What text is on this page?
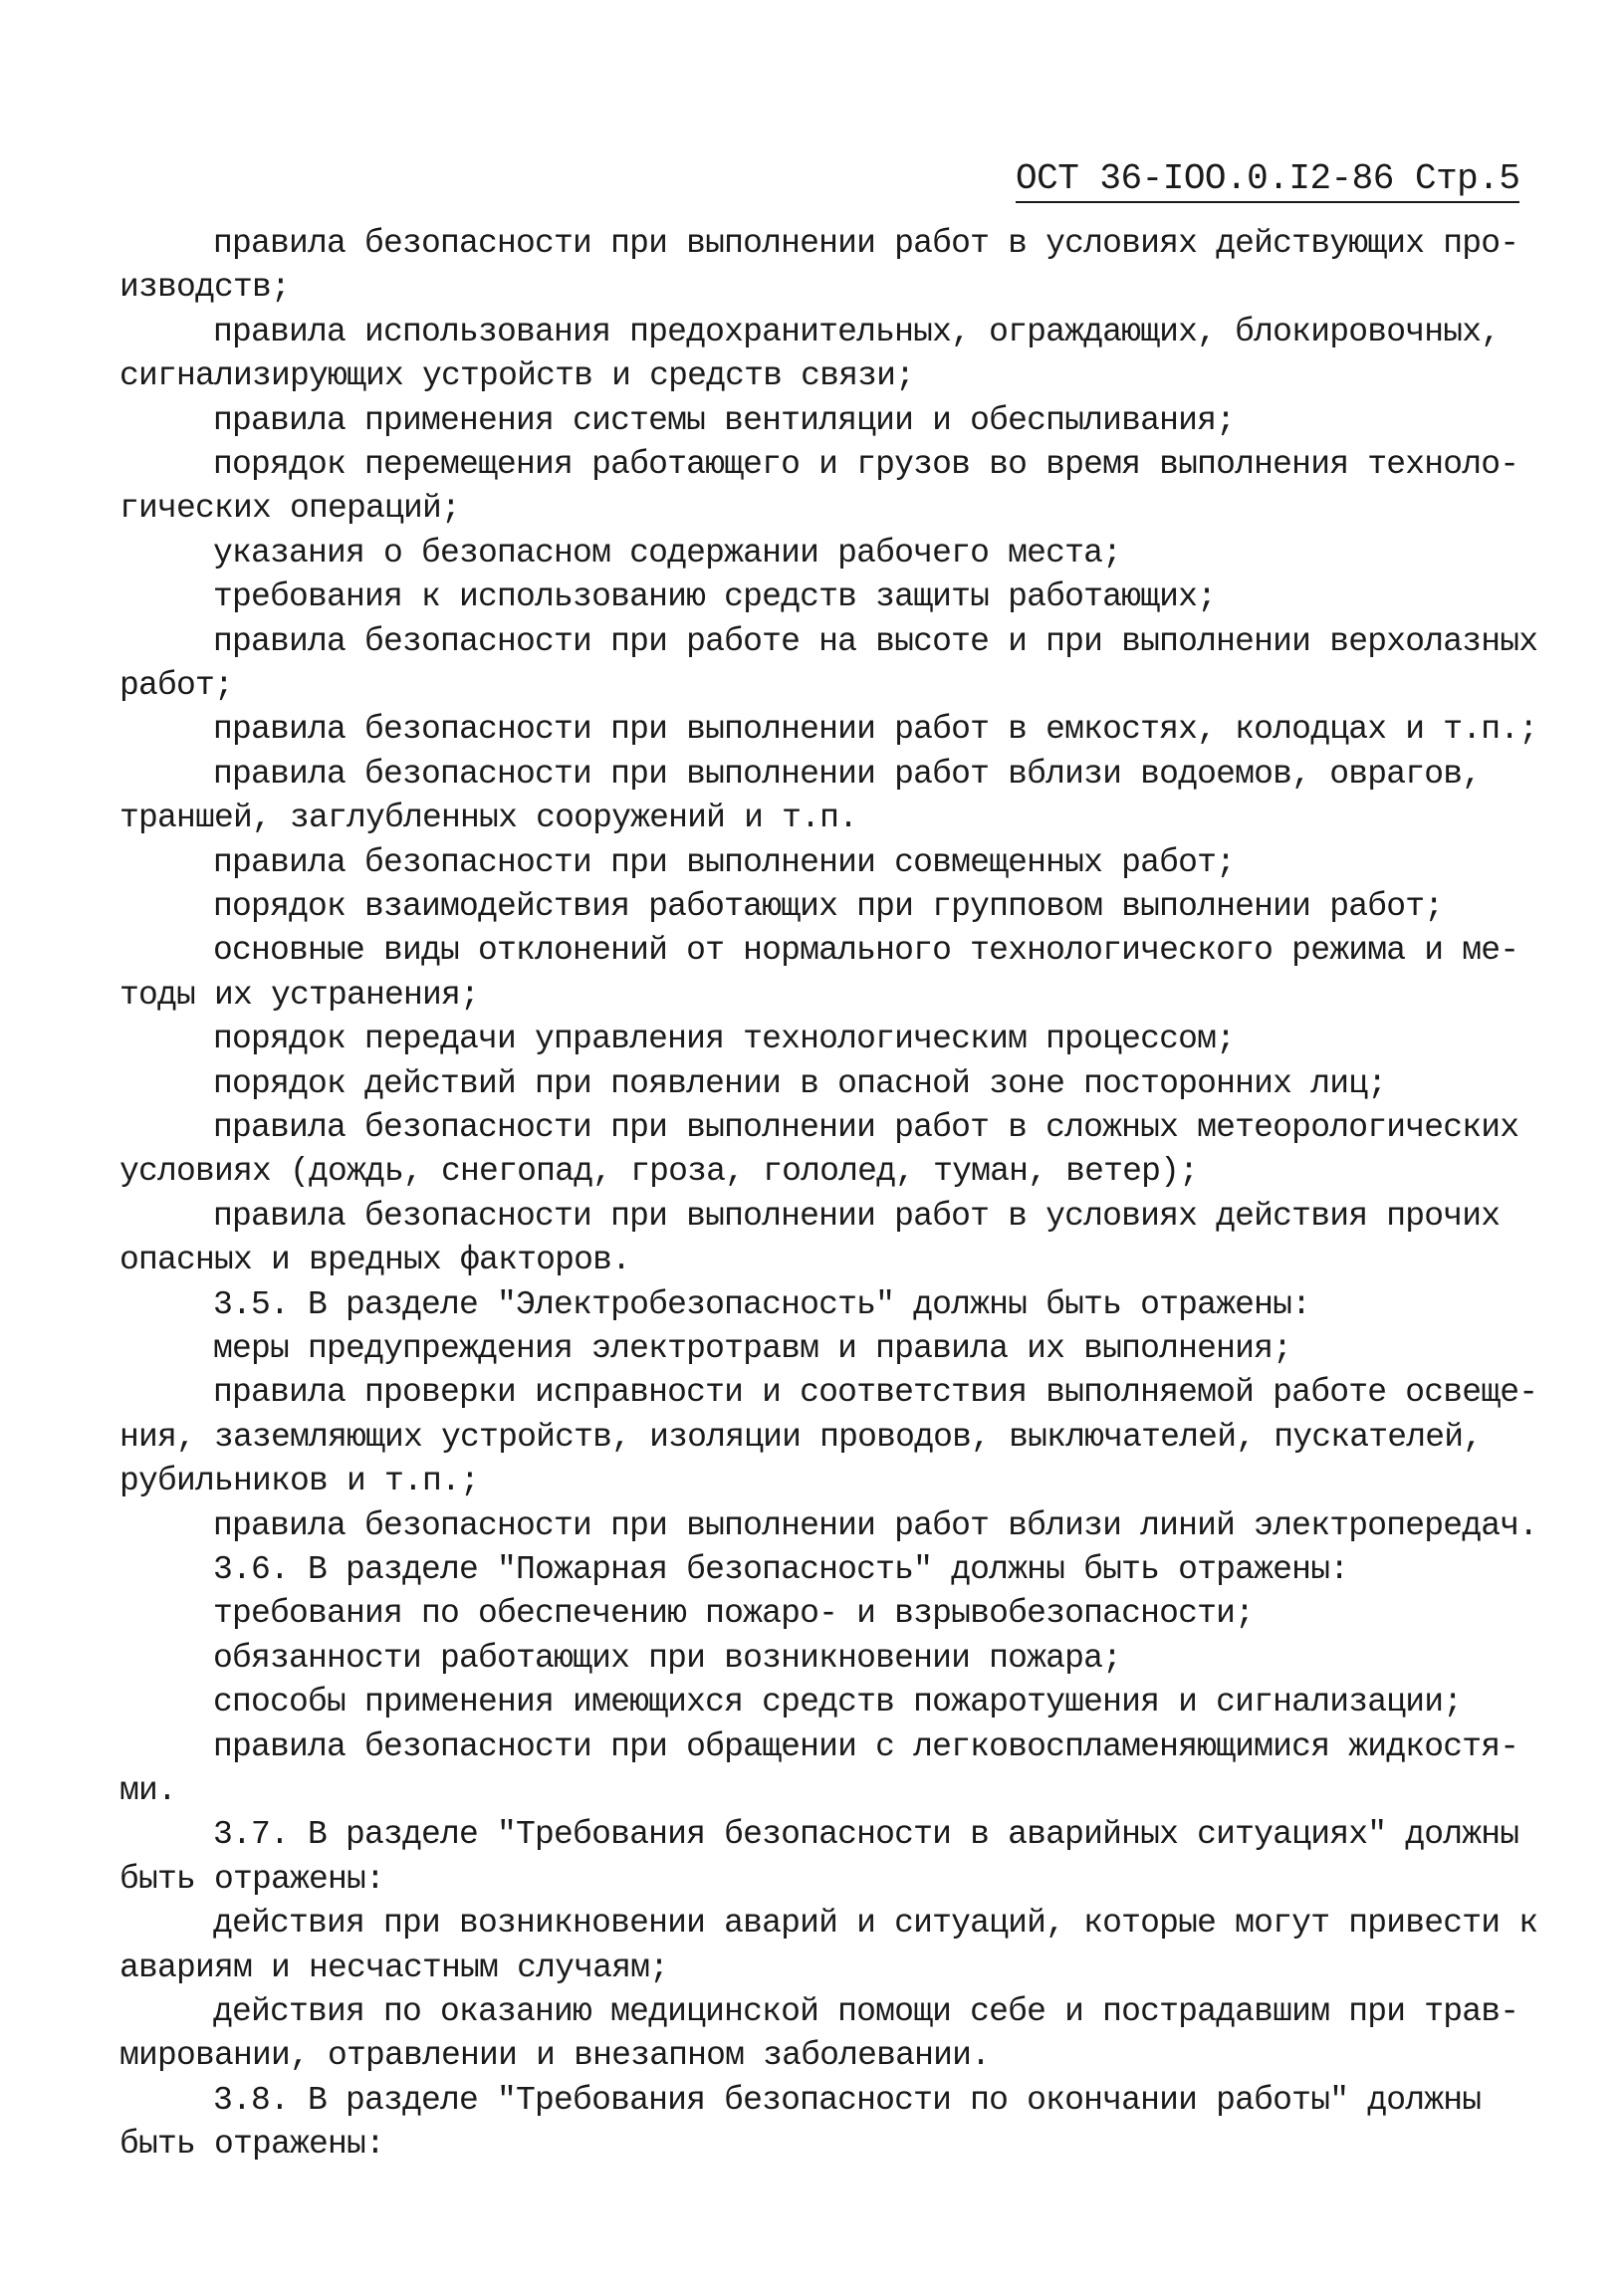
ОСТ 36-IОО.0.I2-86 Стр.5
правила безопасности при выполнении работ в условиях действующих про-
изводств;
правила использования предохранительных, ограждающих, блокировочных,
сигнализирующих устройств и средств связи;
правила применения системы вентиляции и обеспыливания;
порядок перемещения работающего и грузов во время выполнения техноло-
гических операций;
указания о безопасном содержании рабочего места;
требования к использованию средств защиты работающих;
правила безопасности при работе на высоте и при выполнении верхолазных
работ;
правила безопасности при выполнении работ в емкостях, колодцах и т.п.;
правила безопасности при выполнении работ вблизи водоемов, оврагов,
траншей, заглубленных сооружений и т.п.
правила безопасности при выполнении совмещенных работ;
порядок взаимодействия работающих при групповом выполнении работ;
основные виды отклонений от нормального технологического режима и ме-
тоды их устранения;
порядок передачи управления технологическим процессом;
порядок действий при появлении в опасной зоне посторонних лиц;
правила безопасности при выполнении работ в сложных метеорологических
условиях (дождь, снегопад, гроза, гололед, туман, ветер);
правила безопасности при выполнении работ в условиях действия прочих
опасных и вредных факторов.
3.5. В разделе "Электробезопасность" должны быть отражены:
меры предупреждения электротравм и правила их выполнения;
правила проверки исправности и соответствия выполняемой работе освеще-
ния, заземляющих устройств, изоляции проводов, выключателей, пускателей,
рубильников и т.п.;
правила безопасности при выполнении работ вблизи линий электропередач.
3.6. В разделе "Пожарная безопасность" должны быть отражены:
требования по обеспечению пожаро- и взрывобезопасности;
обязанности работающих при возникновении пожара;
способы применения имеющихся средств пожаротушения и сигнализации;
правила безопасности при обращении с легковоспламеняющимися жидкостя-
ми.
3.7. В разделе "Требования безопасности в аварийных ситуациях" должны
быть отражены:
действия при возникновении аварий и ситуаций, которые могут привести к
авариям и несчастным случаям;
действия по оказанию медицинской помощи себе и пострадавшим при трав-
мировании, отравлении и внезапном заболевании.
3.8. В разделе "Требования безопасности по окончании работы" должны
быть отражены:
